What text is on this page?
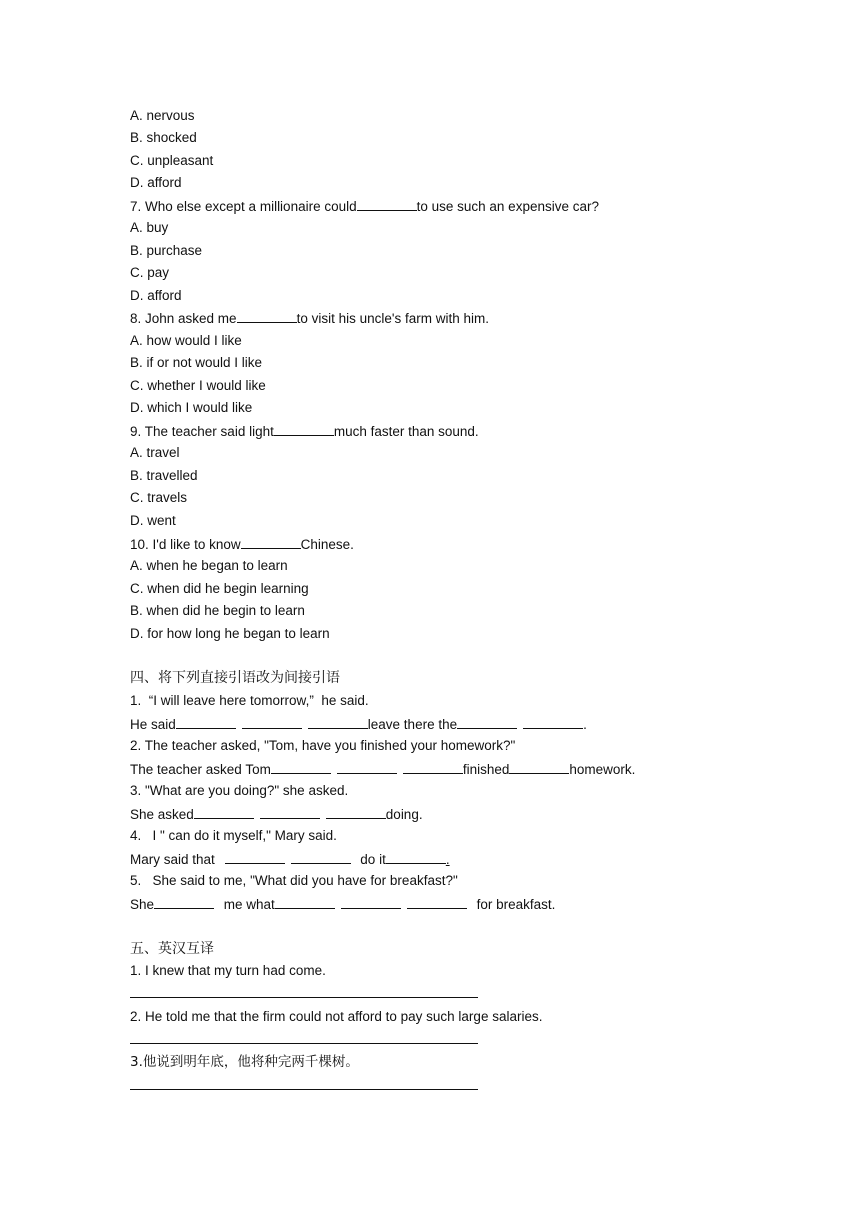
A. nervous
B. shocked
C. unpleasant
D. afford
7. Who else except a millionaire could	to use such an expensive car?
A. buy
B. purchase
C. pay
D. afford
8. John asked me	to visit his uncle's farm with him.
A. how would I like
B. if or not would I like
C. whether I would like
D. which I would like
9. The teacher said light	much faster than sound.
A. travel
B. travelled
C. travels
D. went
10. I'd like to know	Chinese.
A. when he began to learn
C. when did he begin learning
B. when did he begin to learn
D. for how long he began to learn
四、将下列直接引语改为间接引语
1.  “I will leave here tomorrow,”  he said.
He said	leave there the	.
2. The teacher asked, "Tom, have you finished your homework?"
The teacher asked Tom	finished	homework.
3. "What are you doing?" she asked.
She asked	doing.
4.   I " can do it myself," Mary said.
Mary said that	do it	.
5.   She said to me, "What did you have for breakfast?"
She	me what	for breakfast.
五、英汉互译
1. I knew that my turn had come.
2. He told me that the firm could not afford to pay such large salaries.
3.他说到明年底，他将种完两千棵树。
